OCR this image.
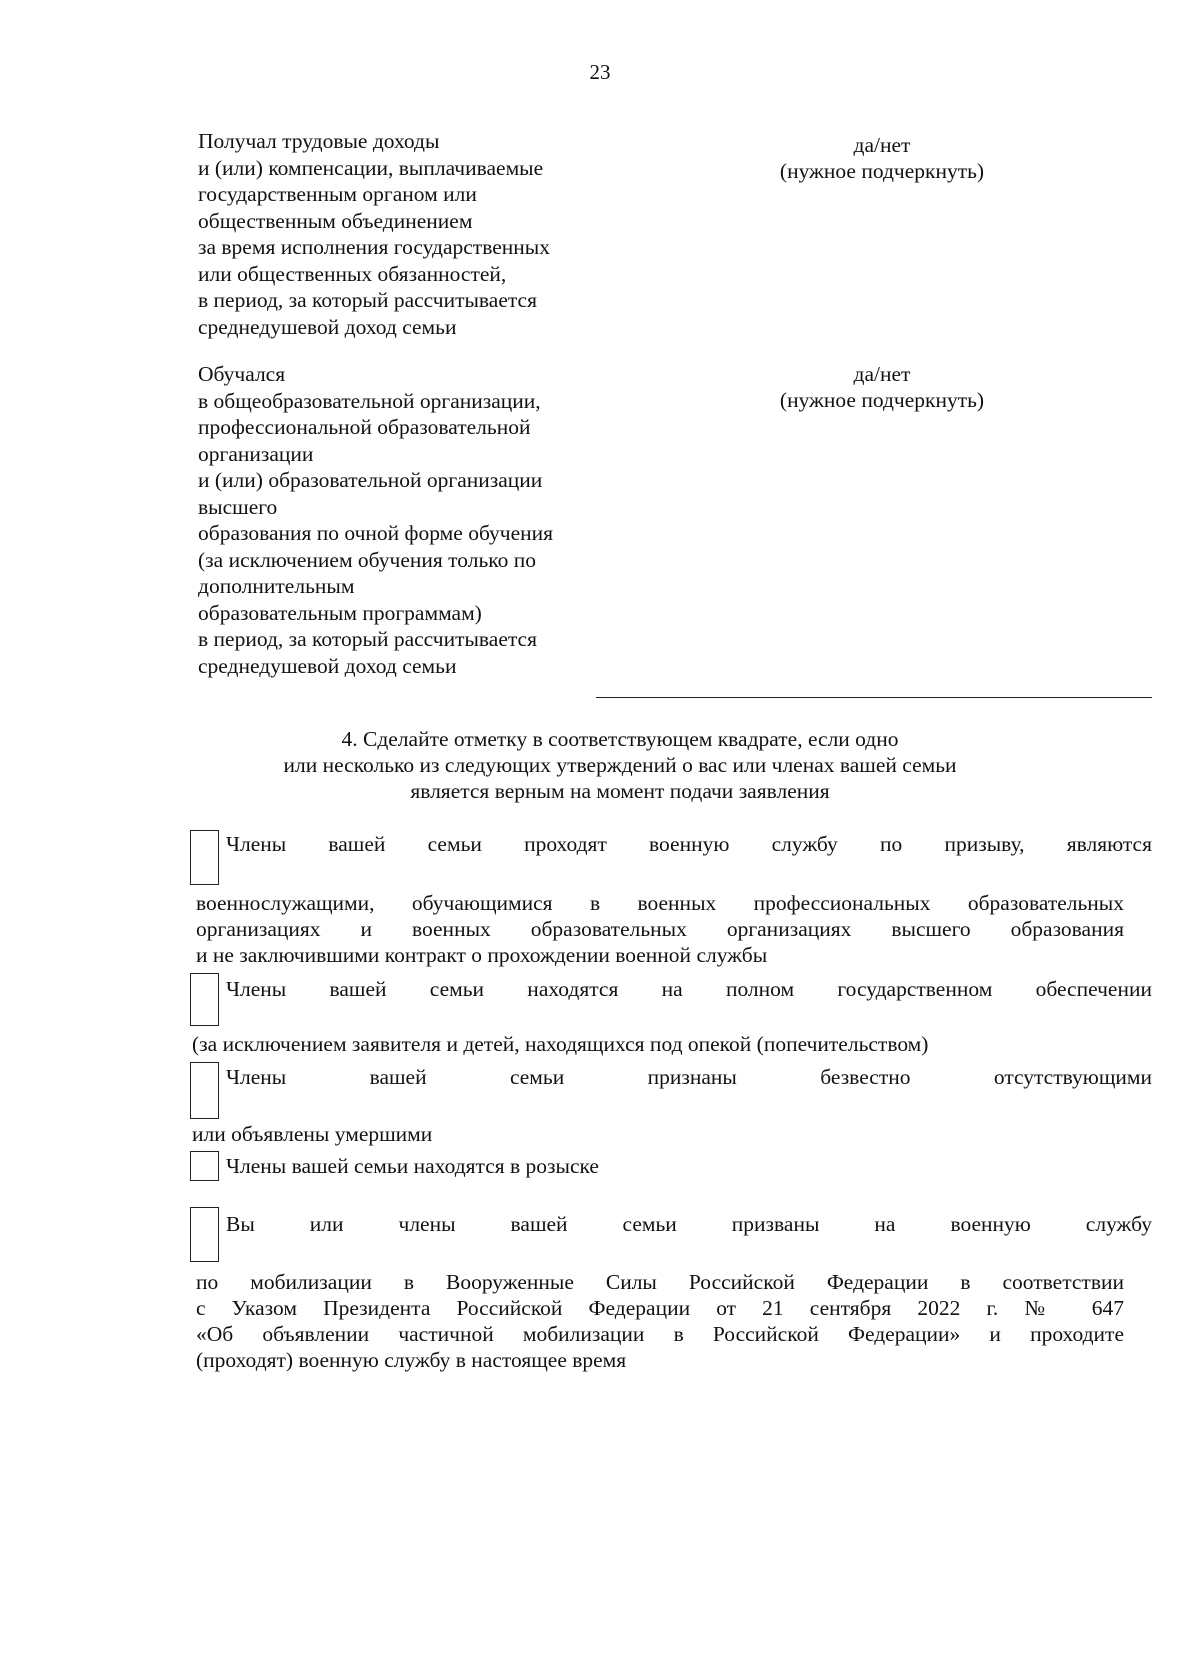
23
Получал трудовые доходы
и (или) компенсации, выплачиваемые
государственным органом или
общественным объединением
за время исполнения государственных
или общественных обязанностей,
в период, за который рассчитывается
среднедушевой доход семьи
да/нет
(нужное подчеркнуть)
Обучался
в общеобразовательной организации,
профессиональной образовательной
организации
и (или) образовательной организации
высшего
образования по очной форме обучения
(за исключением обучения только по
дополнительным
образовательным программам)
в период, за который рассчитывается
среднедушевой доход семьи
да/нет
(нужное подчеркнуть)
4. Сделайте отметку в соответствующем квадрате, если одно
или несколько из следующих утверждений о вас или членах вашей семьи
является верным на момент подачи заявления
Члены вашей семьи проходят военную службу по призыву, являются
военнослужащими, обучающимися в военных профессиональных образовательных
организациях и военных образовательных организациях высшего образования
и не заключившими контракт о прохождении военной службы
Члены вашей семьи находятся на полном государственном обеспечении
(за исключением заявителя и детей, находящихся под опекой (попечительством)
Члены вашей семьи признаны безвестно отсутствующими
или объявлены умершими
Члены вашей семьи находятся в розыске
Вы или члены вашей семьи призваны на военную службу
по мобилизации в Вооруженные Силы Российской Федерации в соответствии
с Указом Президента Российской Федерации от 21 сентября 2022 г. № 647
«Об объявлении частичной мобилизации в Российской Федерации» и проходите
(проходят) военную службу в настоящее время
